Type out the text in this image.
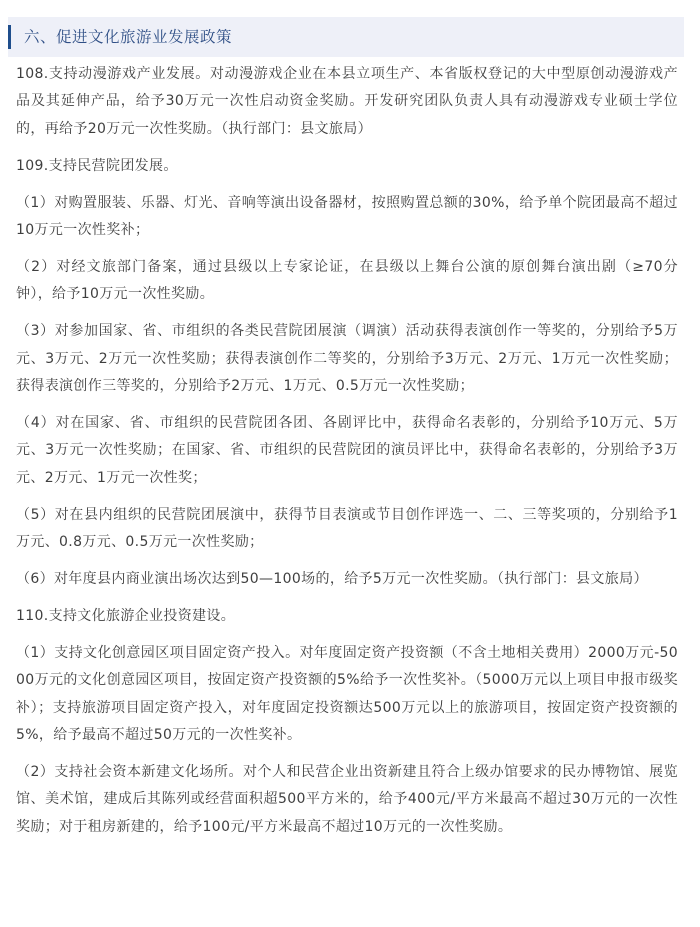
六、促进文化旅游业发展政策

108.支持动漫游戏产业发展。对动漫游戏企业在本县立项生产、本省版权登记的大中型原创动漫游戏产品及其延伸产品，给予30万元一次性启动资金奖励。开发研究团队负责人具有动漫游戏专业硕士学位的，再给予20万元一次性奖励。（执行部门：县文旅局）

109.支持民营院团发展。

（1）对购置服装、乐器、灯光、音响等演出设备器材，按照购置总额的30%，给予单个院团最高不超过10万元一次性奖补；

（2）对经文旅部门备案，通过县级以上专家论证，在县级以上舞台公演的原创舞台演出剧（≥70分钟），给予10万元一次性奖励。

（3）对参加国家、省、市组织的各类民营院团展演（调演）活动获得表演创作一等奖的，分别给予5万元、3万元、2万元一次性奖励；获得表演创作二等奖的，分别给予3万元、2万元、1万元一次性奖励；获得表演创作三等奖的，分别给予2万元、1万元、0.5万元一次性奖励；

（4）对在国家、省、市组织的民营院团各团、各剧评比中，获得命名表彰的，分别给予10万元、5万元、3万元一次性奖励；在国家、省、市组织的民营院团的演员评比中，获得命名表彰的，分别给予3万元、2万元、1万元一次性奖；

（5）对在县内组织的民营院团展演中，获得节目表演或节目创作评选一、二、三等奖项的，分别给予1万元、0.8万元、0.5万元一次性奖励；

（6）对年度县内商业演出场次达到50—100场的，给予5万元一次性奖励。（执行部门：县文旅局）

110.支持文化旅游企业投资建设。

（1）支持文化创意园区项目固定资产投入。对年度固定资产投资额（不含土地相关费用）2000万元-5000万元的文化创意园区项目，按固定资产投资额的5%给予一次性奖补。（5000万元以上项目申报市级奖补）；支持旅游项目固定资产投入，对年度固定投资额达500万元以上的旅游项目，按固定资产投资额的5%，给予最高不超过50万元的一次性奖补。

（2）支持社会资本新建文化场所。对个人和民营企业出资新建且符合上级办馆要求的民办博物馆、展览馆、美术馆，建成后其陈列或经营面积超500平方米的，给予400元/平方米最高不超过30万元的一次性奖励；对于租房新建的，给予100元/平方米最高不超过10万元的一次性奖励。
